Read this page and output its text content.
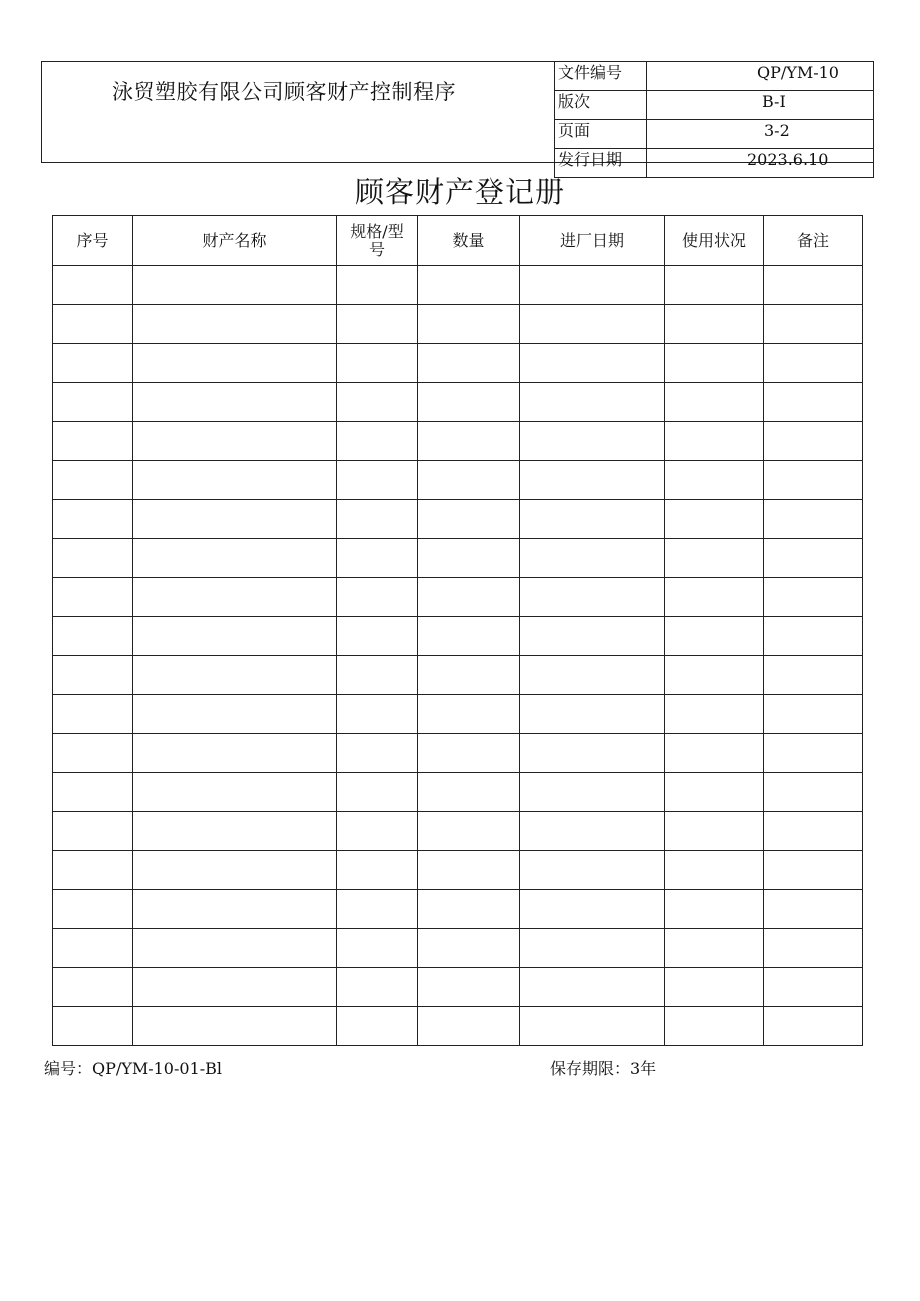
泳贸塑胶有限公司顾客财产控制程序
文件编号	QP/YM-10
版次	B-I
页面	3-2
发行日期	2023.6.10
顾客财产登记册
序号	财产名称	规格/型号	数量	进厂日期	使用状况	备注

编号：QP/YM-10-01-Bl	保存期限：3年
